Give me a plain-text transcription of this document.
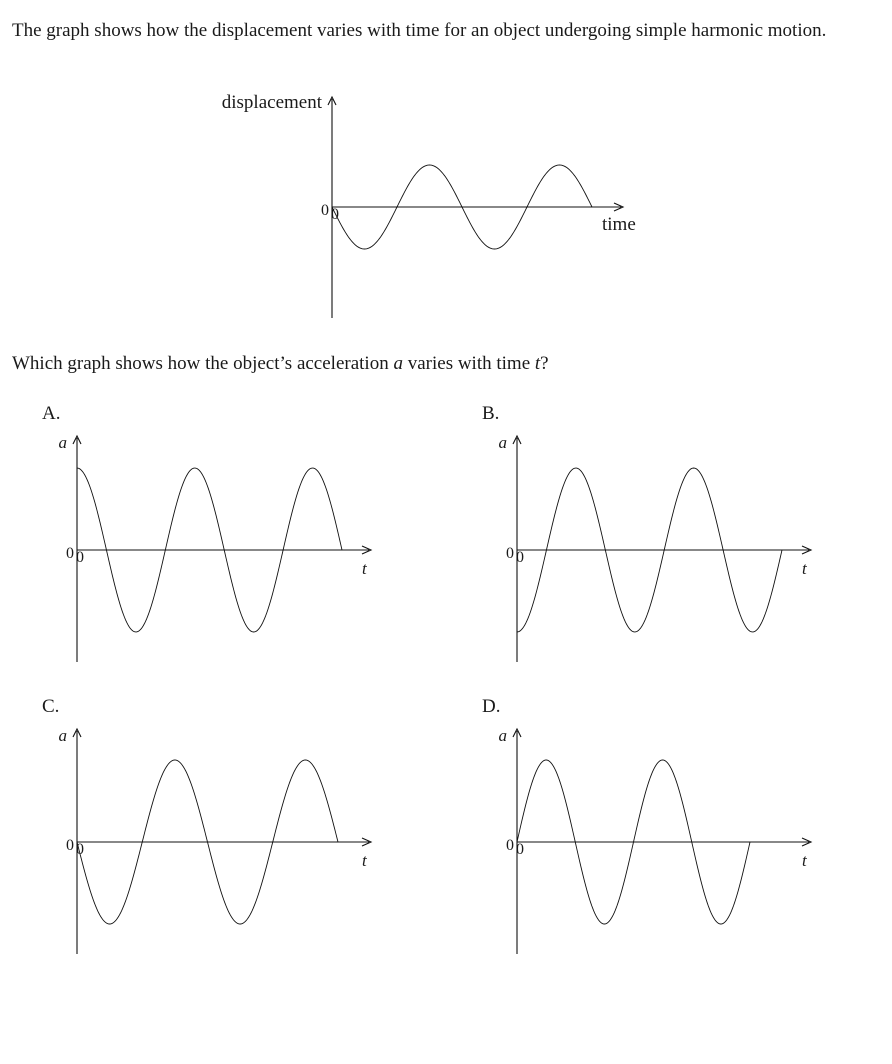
The graph shows how the displacement varies with time for an object undergoing simple harmonic motion.
Which graph shows how the object’s acceleration a varies with time t?
A.	B.
C.	D.
displacement
time
0 0
a
t
0 0
a
t
0 0
a
t
0 0
a
t
0 0
